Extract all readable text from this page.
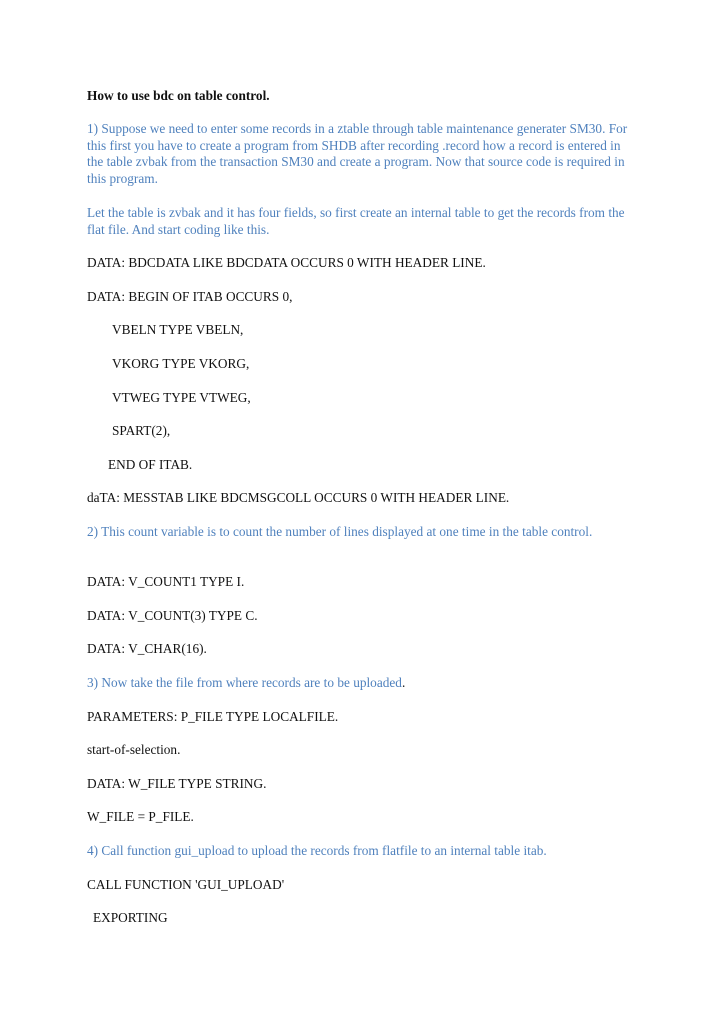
How to use bdc on table control.
1) Suppose we need to enter some records in a ztable through table maintenance generater SM30. For this first you have to create a program from SHDB after recording .record how a record is entered in the table zvbak from the transaction SM30 and create a program. Now that source code is required in this program.
Let the table is zvbak and it has four fields, so first create an internal table to get the records from the flat file. And start coding like this.
DATA: BDCDATA LIKE BDCDATA OCCURS 0 WITH HEADER LINE.
DATA: BEGIN OF ITAB OCCURS 0,
VBELN TYPE VBELN,
VKORG TYPE VKORG,
VTWEG TYPE VTWEG,
SPART(2),
END OF ITAB.
daTA: MESSTAB LIKE BDCMSGCOLL OCCURS 0 WITH HEADER LINE.
2) This count variable is to count the number of lines displayed at one time in the table control.
DATA: V_COUNT1 TYPE I.
DATA: V_COUNT(3) TYPE C.
DATA: V_CHAR(16).
3) Now take the file from where records are to be uploaded.
PARAMETERS: P_FILE TYPE LOCALFILE.
start-of-selection.
DATA: W_FILE TYPE STRING.
W_FILE = P_FILE.
4) Call function gui_upload to upload the records from flatfile to an internal table itab.
CALL FUNCTION 'GUI_UPLOAD'
EXPORTING
